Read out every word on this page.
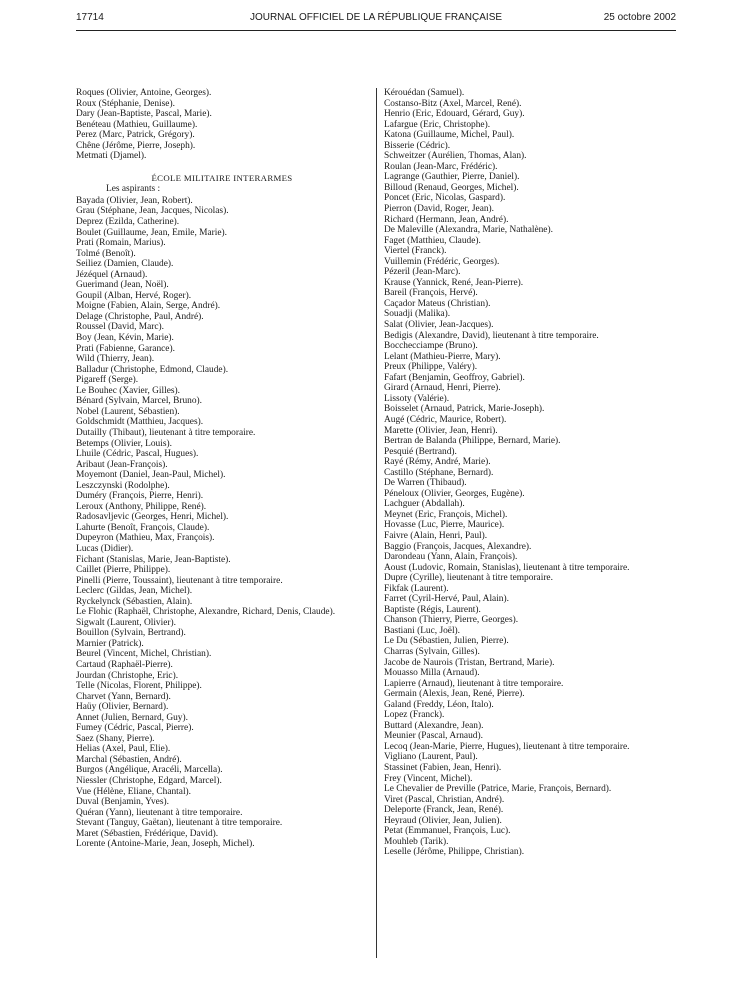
17714	JOURNAL OFFICIEL DE LA RÉPUBLIQUE FRANÇAISE	25 octobre 2002
Roques (Olivier, Antoine, Georges).
Roux (Stéphanie, Denise).
Dary (Jean-Baptiste, Pascal, Marie).
Benéteau (Mathieu, Guillaume).
Perez (Marc, Patrick, Grégory).
Chêne (Jérôme, Pierre, Joseph).
Metmati (Djamel).
ÉCOLE MILITAIRE INTERARMES
Les aspirants :
Bayada (Olivier, Jean, Robert).
Grau (Stéphane, Jean, Jacques, Nicolas).
Deprez (Ezilda, Catherine).
Boulet (Guillaume, Jean, Emile, Marie).
Prati (Romain, Marius).
Tolmé (Benoît).
Seiliez (Damien, Claude).
Jézéquel (Arnaud).
Guerimand (Jean, Noël).
Goupil (Alban, Hervé, Roger).
Moigne (Fabien, Alain, Serge, André).
Delage (Christophe, Paul, André).
Roussel (David, Marc).
Boy (Jean, Kévin, Marie).
Prati (Fabienne, Garance).
Wild (Thierry, Jean).
Balladur (Christophe, Edmond, Claude).
Pigareff (Serge).
Le Bouhec (Xavier, Gilles).
Bénard (Sylvain, Marcel, Bruno).
Nobel (Laurent, Sébastien).
Goldschmidt (Matthieu, Jacques).
Dutailly (Thibaut), lieutenant à titre temporaire.
Betemps (Olivier, Louis).
Lhuile (Cédric, Pascal, Hugues).
Aribaut (Jean-François).
Moyemont (Daniel, Jean-Paul, Michel).
Leszczynski (Rodolphe).
Duméry (François, Pierre, Henri).
Leroux (Anthony, Philippe, René).
Radosavljevic (Georges, Henri, Michel).
Lahurte (Benoît, François, Claude).
Dupeyron (Mathieu, Max, François).
Lucas (Didier).
Fichant (Stanislas, Marie, Jean-Baptiste).
Caillet (Pierre, Philippe).
Pinelli (Pierre, Toussaint), lieutenant à titre temporaire.
Leclerc (Gildas, Jean, Michel).
Ryckelynck (Sébastien, Alain).
Le Flohic (Raphaël, Christophe, Alexandre, Richard, Denis, Claude).
Sigwalt (Laurent, Olivier).
Bouillon (Sylvain, Bertrand).
Marnier (Patrick).
Beurel (Vincent, Michel, Christian).
Cartaud (Raphaël-Pierre).
Jourdan (Christophe, Eric).
Telle (Nicolas, Florent, Philippe).
Charvet (Yann, Bernard).
Haüy (Olivier, Bernard).
Annet (Julien, Bernard, Guy).
Fumey (Cédric, Pascal, Pierre).
Saez (Shany, Pierre).
Helias (Axel, Paul, Elie).
Marchal (Sébastien, André).
Burgos (Angélique, Aracéli, Marcella).
Niessler (Christophe, Edgard, Marcel).
Vue (Hélène, Eliane, Chantal).
Duval (Benjamin, Yves).
Quéran (Yann), lieutenant à titre temporaire.
Stevant (Tanguy, Gaëtan), lieutenant à titre temporaire.
Maret (Sébastien, Frédérique, David).
Lorente (Antoine-Marie, Jean, Joseph, Michel).
Kérouédan (Samuel).
Costanso-Bitz (Axel, Marcel, René).
Henrio (Eric, Edouard, Gérard, Guy).
Lafargue (Eric, Christophe).
Katona (Guillaume, Michel, Paul).
Bisserie (Cédric).
Schweitzer (Aurélien, Thomas, Alan).
Roulan (Jean-Marc, Frédéric).
Lagrange (Gauthier, Pierre, Daniel).
Billoud (Renaud, Georges, Michel).
Poncet (Eric, Nicolas, Gaspard).
Pierron (David, Roger, Jean).
Richard (Hermann, Jean, André).
De Maleville (Alexandra, Marie, Nathalène).
Faget (Matthieu, Claude).
Viertel (Franck).
Vuillemin (Frédéric, Georges).
Pézeril (Jean-Marc).
Krause (Yannick, René, Jean-Pierre).
Bareil (François, Hervé).
Caçador Mateus (Christian).
Souadji (Malika).
Salat (Olivier, Jean-Jacques).
Bedigis (Alexandre, David), lieutenant à titre temporaire.
Bocchecciampe (Bruno).
Lelant (Mathieu-Pierre, Mary).
Preux (Philippe, Valéry).
Fafart (Benjamin, Geoffroy, Gabriel).
Girard (Arnaud, Henri, Pierre).
Lissoty (Valérie).
Boisselet (Arnaud, Patrick, Marie-Joseph).
Augé (Cédric, Maurice, Robert).
Marette (Olivier, Jean, Henri).
Bertran de Balanda (Philippe, Bernard, Marie).
Pesquié (Bertrand).
Rayé (Rémy, André, Marie).
Castillo (Stéphane, Bernard).
De Warren (Thibaud).
Péneloux (Olivier, Georges, Eugène).
Lachguer (Abdallah).
Meynet (Eric, François, Michel).
Hovasse (Luc, Pierre, Maurice).
Faivre (Alain, Henri, Paul).
Baggio (François, Jacques, Alexandre).
Darondeau (Yann, Alain, François).
Aoust (Ludovic, Romain, Stanislas), lieutenant à titre temporaire.
Dupre (Cyrille), lieutenant à titre temporaire.
Fikfak (Laurent).
Farret (Cyril-Hervé, Paul, Alain).
Baptiste (Régis, Laurent).
Chanson (Thierry, Pierre, Georges).
Bastiani (Luc, Joël).
Le Du (Sébastien, Julien, Pierre).
Charras (Sylvain, Gilles).
Jacobe de Naurois (Tristan, Bertrand, Marie).
Mouasso Milla (Arnaud).
Lapierre (Arnaud), lieutenant à titre temporaire.
Germain (Alexis, Jean, René, Pierre).
Galand (Freddy, Léon, Italo).
Lopez (Franck).
Buttard (Alexandre, Jean).
Meunier (Pascal, Arnaud).
Lecoq (Jean-Marie, Pierre, Hugues), lieutenant à titre temporaire.
Vigliano (Laurent, Paul).
Stassinet (Fabien, Jean, Henri).
Frey (Vincent, Michel).
Le Chevalier de Preville (Patrice, Marie, François, Bernard).
Viret (Pascal, Christian, André).
Deleporte (Franck, Jean, René).
Heyraud (Olivier, Jean, Julien).
Petat (Emmanuel, François, Luc).
Mouhleb (Tarik).
Leselle (Jérôme, Philippe, Christian).
